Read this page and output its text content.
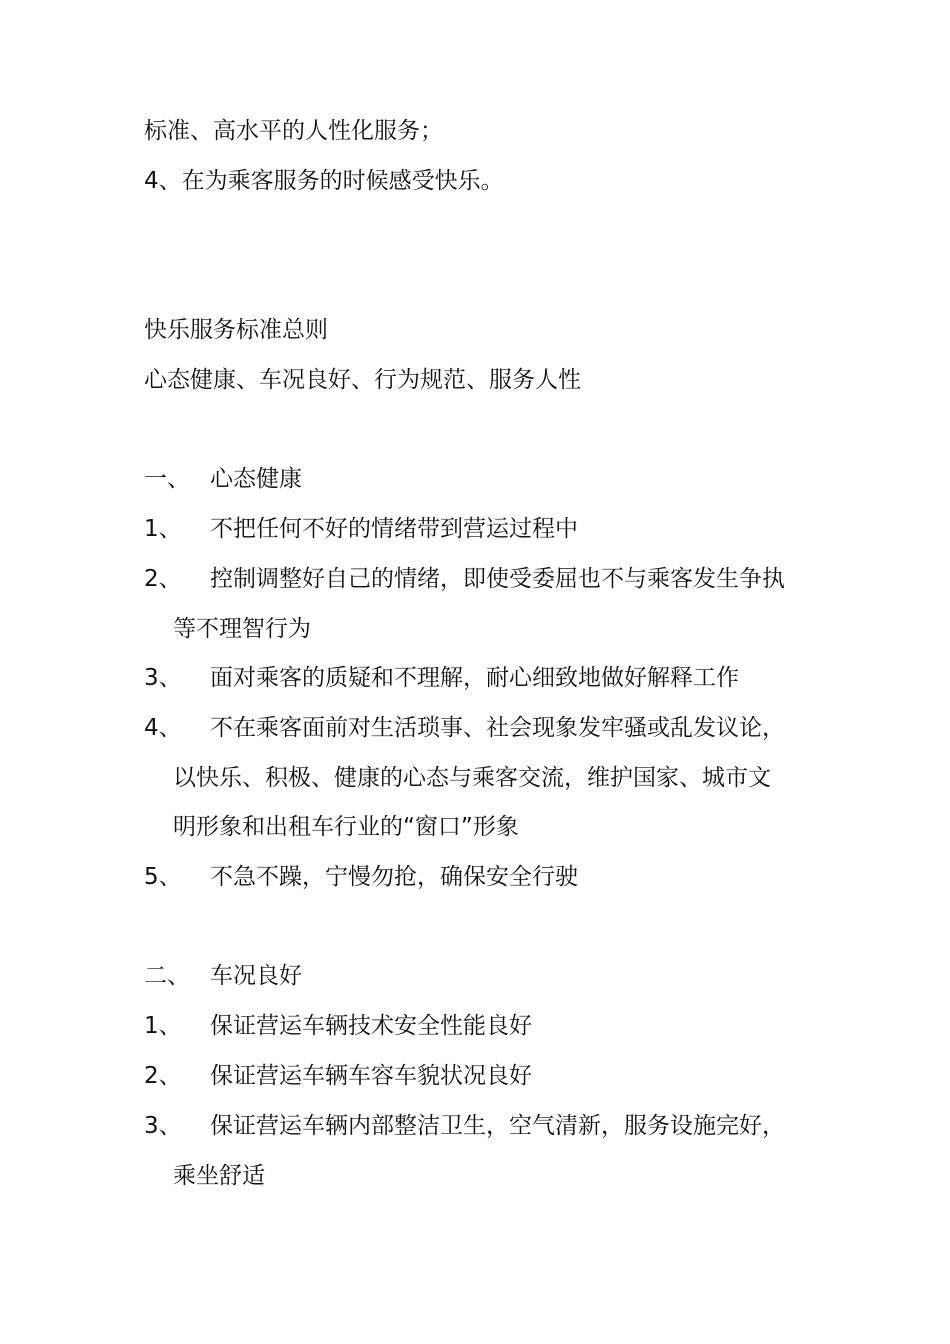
标准、高水平的人性化服务；
4、在为乘客服务的时候感受快乐。
快乐服务标准总则
心态健康、车况良好、行为规范、服务人性
一、 心态健康
1、 不把任何不好的情绪带到营运过程中
2、 控制调整好自己的情绪，即使受委屈也不与乘客发生争执
等不理智行为
3、 面对乘客的质疑和不理解，耐心细致地做好解释工作
4、 不在乘客面前对生活琐事、社会现象发牢骚或乱发议论，
以快乐、积极、健康的心态与乘客交流，维护国家、城市文
明形象和出租车行业的“窗口”形象
5、 不急不躁，宁慢勿抢，确保安全行驶
二、 车况良好
1、 保证营运车辆技术安全性能良好
2、 保证营运车辆车容车貌状况良好
3、 保证营运车辆内部整洁卫生，空气清新，服务设施完好，
乘坐舒适
